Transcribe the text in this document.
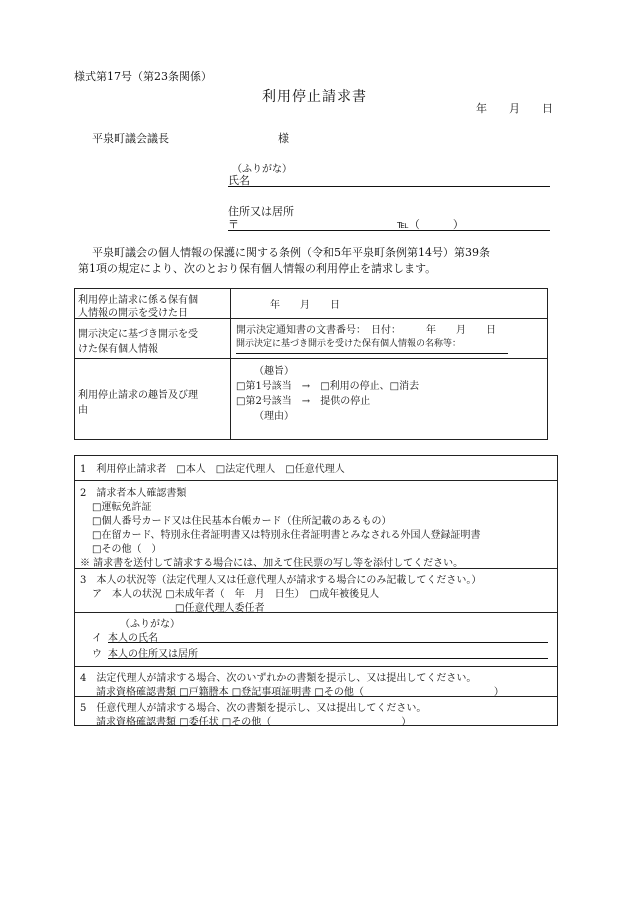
様式第17号（第23条関係）
利用停止請求書
年　　月　　日
平泉町議会議長	様
（ふりがな）
氏名
住所又は居所
〒	℡（　　　）
平泉町議会の個人情報の保護に関する条例（令和5年平泉町条例第14号）第39条
第1項の規定により、次のとおり保有個人情報の利用停止を請求します。
利用停止請求に係る保有個
人情報の開示を受けた日
年　　月　　日
開示決定に基づき開示を受
けた保有個人情報
開示決定通知書の文書番号：　日付：　　　年　　月　　日
開示決定に基づき開示を受けた保有個人情報の名称等：
利用停止請求の趣旨及び理
由
（趣旨）
□第1号該当　→　□利用の停止、□消去
□第2号該当　→　提供の停止
（理由）
1　利用停止請求者　□本人　□法定代理人　□任意代理人
2　請求者本人確認書類
□運転免許証
□個人番号カード又は住民基本台帳カード（住所記載のあるもの）
□在留カード、特別永住者証明書又は特別永住者証明書とみなされる外国人登録証明書
□その他（　）
※ 請求書を送付して請求する場合には、加えて住民票の写し等を添付してください。
3　本人の状況等（法定代理人又は任意代理人が請求する場合にのみ記載してください。）
ア　本人の状況 □未成年者（　年　月　日生）　□成年被後見人
□任意代理人委任者
（ふりがな）
イ 本人の氏名
ウ 本人の住所又は居所
4　法定代理人が請求する場合、次のいずれかの書類を提示し、又は提出してください。
請求資格確認書類 □戸籍謄本 □登記事項証明書 □その他（　　　　　　　　　　　　　）
5　任意代理人が請求する場合、次の書類を提示し、又は提出してください。
請求資格確認書類 □委任状 □その他（　　　　　　　　　　　　　）
